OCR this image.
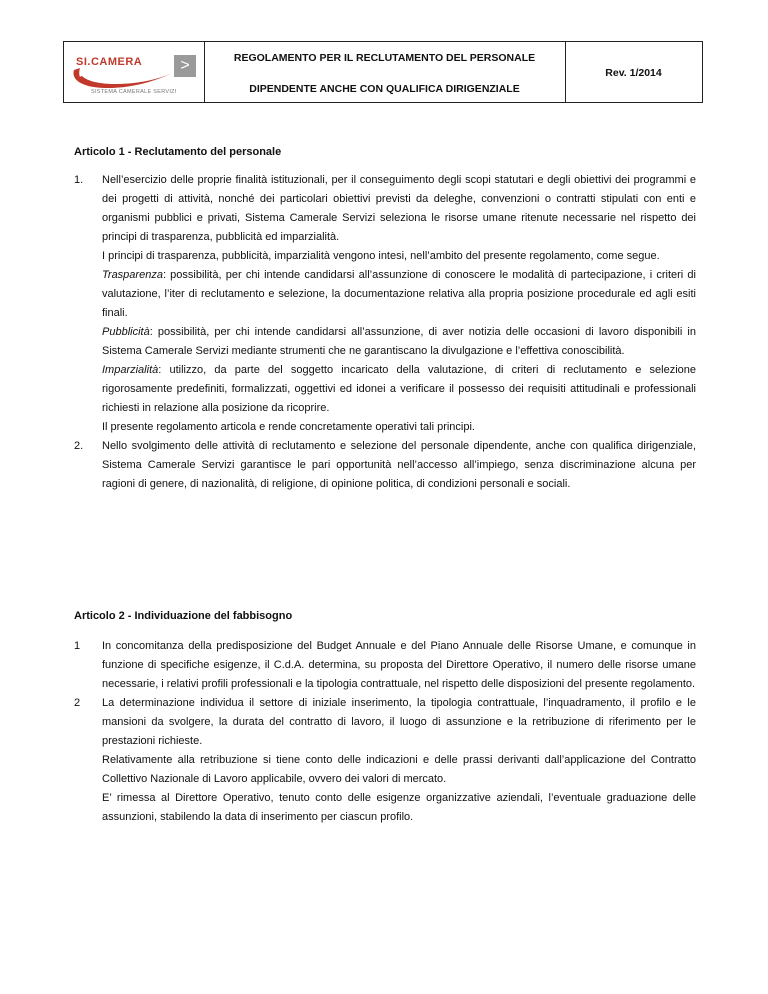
SI.CAMERA
SISTEMA CAMERALE SERVIZI
>	REGOLAMENTO PER IL RECLUTAMENTO DEL PERSONALE
DIPENDENTE ANCHE CON QUALIFICA DIRIGENZIALE
Rev. 1/2014
Articolo 1 - Reclutamento del personale
1. Nell’esercizio delle proprie finalità istituzionali, per il conseguimento degli scopi statutari e degli obiettivi dei programmi e dei progetti di attività, nonché dei particolari obiettivi previsti da deleghe, convenzioni o contratti stipulati con enti e organismi pubblici e privati, Sistema Camerale Servizi seleziona le risorse umane ritenute necessarie nel rispetto dei principi di trasparenza, pubblicità ed imparzialità.

I principi di trasparenza, pubblicità, imparzialità vengono intesi, nell’ambito del presente regolamento, come segue.

Trasparenza: possibilità, per chi intende candidarsi all’assunzione di conoscere le modalità di partecipazione, i criteri di valutazione, l’iter di reclutamento e selezione, la documentazione relativa alla propria posizione procedurale ed agli esiti finali.

Pubblicità: possibilità, per chi intende candidarsi all’assunzione, di aver notizia delle occasioni di lavoro disponibili in Sistema Camerale Servizi mediante strumenti che ne garantiscano la divulgazione e l’effettiva conoscibilità.

Imparzialità: utilizzo, da parte del soggetto incaricato della valutazione, di criteri di reclutamento e selezione rigorosamente predefiniti, formalizzati, oggettivi ed idonei a verificare il possesso dei requisiti attitudinali e professionali richiesti in relazione alla posizione da ricoprire.

Il presente regolamento articola e rende concretamente operativi tali principi.

2. Nello svolgimento delle attività di reclutamento e selezione del personale dipendente, anche con qualifica dirigenziale, Sistema Camerale Servizi garantisce le pari opportunità nell’accesso all’impiego, senza discriminazione alcuna per ragioni di genere, di nazionalità, di religione, di opinione politica, di condizioni personali e sociali.

Articolo 2 - Individuazione del fabbisogno
1 In concomitanza della predisposizione del Budget Annuale e del Piano Annuale delle Risorse Umane, e comunque in funzione di specifiche esigenze, il C.d.A. determina, su proposta del Direttore Operativo, il numero delle risorse umane necessarie, i relativi profili professionali e la tipologia contrattuale, nel rispetto delle disposizioni del presente regolamento.

2 La determinazione individua il settore di iniziale inserimento, la tipologia contrattuale, l’inquadramento, il profilo e le mansioni da svolgere, la durata del contratto di lavoro, il luogo di assunzione e la retribuzione di riferimento per le prestazioni richieste.

Relativamente alla retribuzione si tiene conto delle indicazioni e delle prassi derivanti dall’applicazione del Contratto Collettivo Nazionale di Lavoro applicabile, ovvero dei valori di mercato.

E’ rimessa al Direttore Operativo, tenuto conto delle esigenze organizzative aziendali, l’eventuale graduazione delle assunzioni, stabilendo la data di inserimento per ciascun profilo.
